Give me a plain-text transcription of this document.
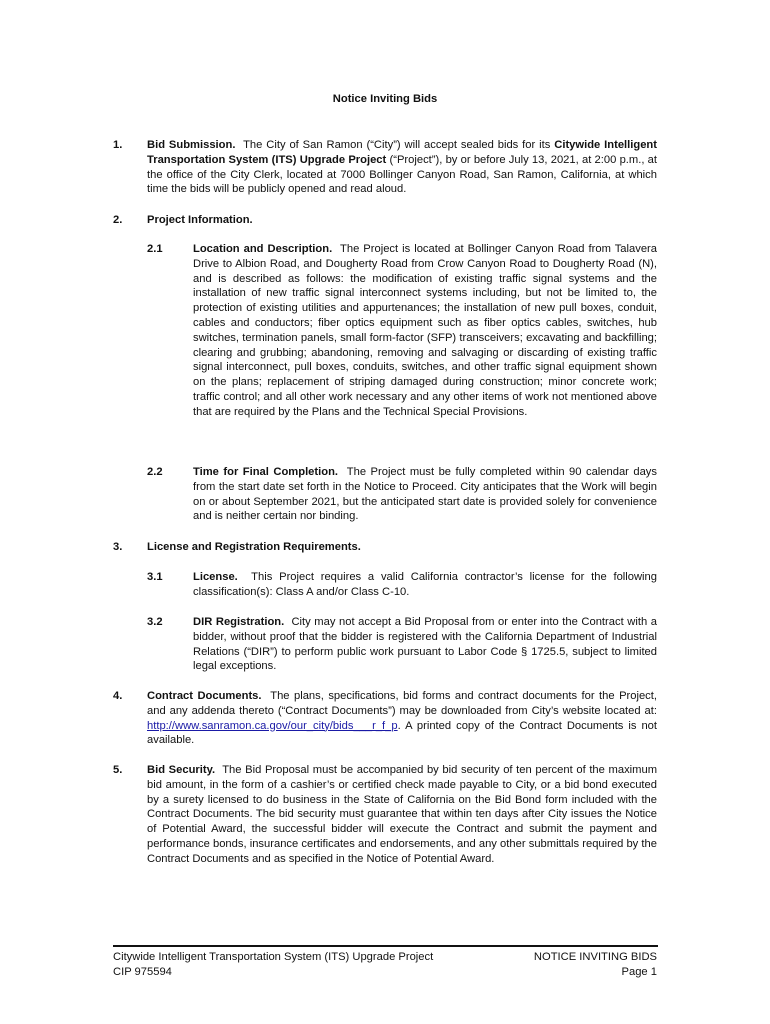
Notice Inviting Bids
1. Bid Submission. The City of San Ramon (“City”) will accept sealed bids for its Citywide Intelligent Transportation System (ITS) Upgrade Project (“Project”), by or before July 13, 2021, at 2:00 p.m., at the office of the City Clerk, located at 7000 Bollinger Canyon Road, San Ramon, California, at which time the bids will be publicly opened and read aloud.
2. Project Information.
2.1	Location and Description. The Project is located at Bollinger Canyon Road from Talavera Drive to Albion Road, and Dougherty Road from Crow Canyon Road to Dougherty Road (N), and is described as follows: the modification of existing traffic signal systems and the installation of new traffic signal interconnect systems including, but not be limited to, the protection of existing utilities and appurtenances; the installation of new pull boxes, conduit, cables and conductors; fiber optics equipment such as fiber optics cables, switches, hub switches, termination panels, small form-factor (SFP) transceivers; excavating and backfilling; clearing and grubbing; abandoning, removing and salvaging or discarding of existing traffic signal interconnect, pull boxes, conduits, switches, and other traffic signal equipment shown on the plans; replacement of striping damaged during construction; minor concrete work; traffic control; and all other work necessary and any other items of work not mentioned above that are required by the Plans and the Technical Special Provisions.
2.2	Time for Final Completion. The Project must be fully completed within 90 calendar days from the start date set forth in the Notice to Proceed. City anticipates that the Work will begin on or about September 2021, but the anticipated start date is provided solely for convenience and is neither certain nor binding.
3. License and Registration Requirements.
3.1	License. This Project requires a valid California contractor’s license for the following classification(s): Class A and/or Class C-10.
3.2	DIR Registration. City may not accept a Bid Proposal from or enter into the Contract with a bidder, without proof that the bidder is registered with the California Department of Industrial Relations (“DIR”) to perform public work pursuant to Labor Code § 1725.5, subject to limited legal exceptions.
4. Contract Documents. The plans, specifications, bid forms and contract documents for the Project, and any addenda thereto (“Contract Documents”) may be downloaded from City’s website located at: http://www.sanramon.ca.gov/our_city/bids___r_f_p. A printed copy of the Contract Documents is not available.
5. Bid Security. The Bid Proposal must be accompanied by bid security of ten percent of the maximum bid amount, in the form of a cashier’s or certified check made payable to City, or a bid bond executed by a surety licensed to do business in the State of California on the Bid Bond form included with the Contract Documents. The bid security must guarantee that within ten days after City issues the Notice of Potential Award, the successful bidder will execute the Contract and submit the payment and performance bonds, insurance certificates and endorsements, and any other submittals required by the Contract Documents and as specified in the Notice of Potential Award.
Citywide Intelligent Transportation System (ITS) Upgrade Project
CIP 975594
NOTICE INVITING BIDS
Page 1
